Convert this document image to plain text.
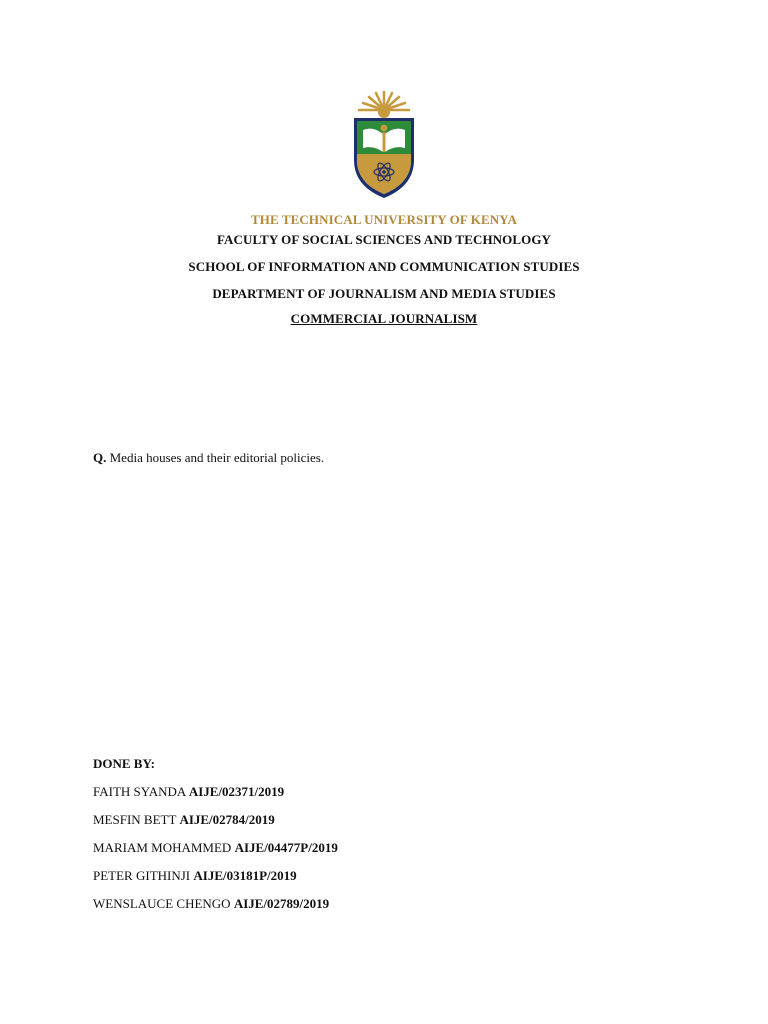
THE TECHNICAL UNIVERSITY OF KENYA
FACULTY OF SOCIAL SCIENCES AND TECHNOLOGY
SCHOOL OF INFORMATION AND COMMUNICATION STUDIES
DEPARTMENT OF JOURNALISM AND MEDIA STUDIES
COMMERCIAL JOURNALISM
Q. Media houses and their editorial policies.
DONE BY:
FAITH SYANDA AIJE/02371/2019
MESFIN BETT AIJE/02784/2019
MARIAM MOHAMMED AIJE/04477P/2019
PETER GITHINJI AIJE/03181P/2019
WENSLAUCE CHENGO AIJE/02789/2019
